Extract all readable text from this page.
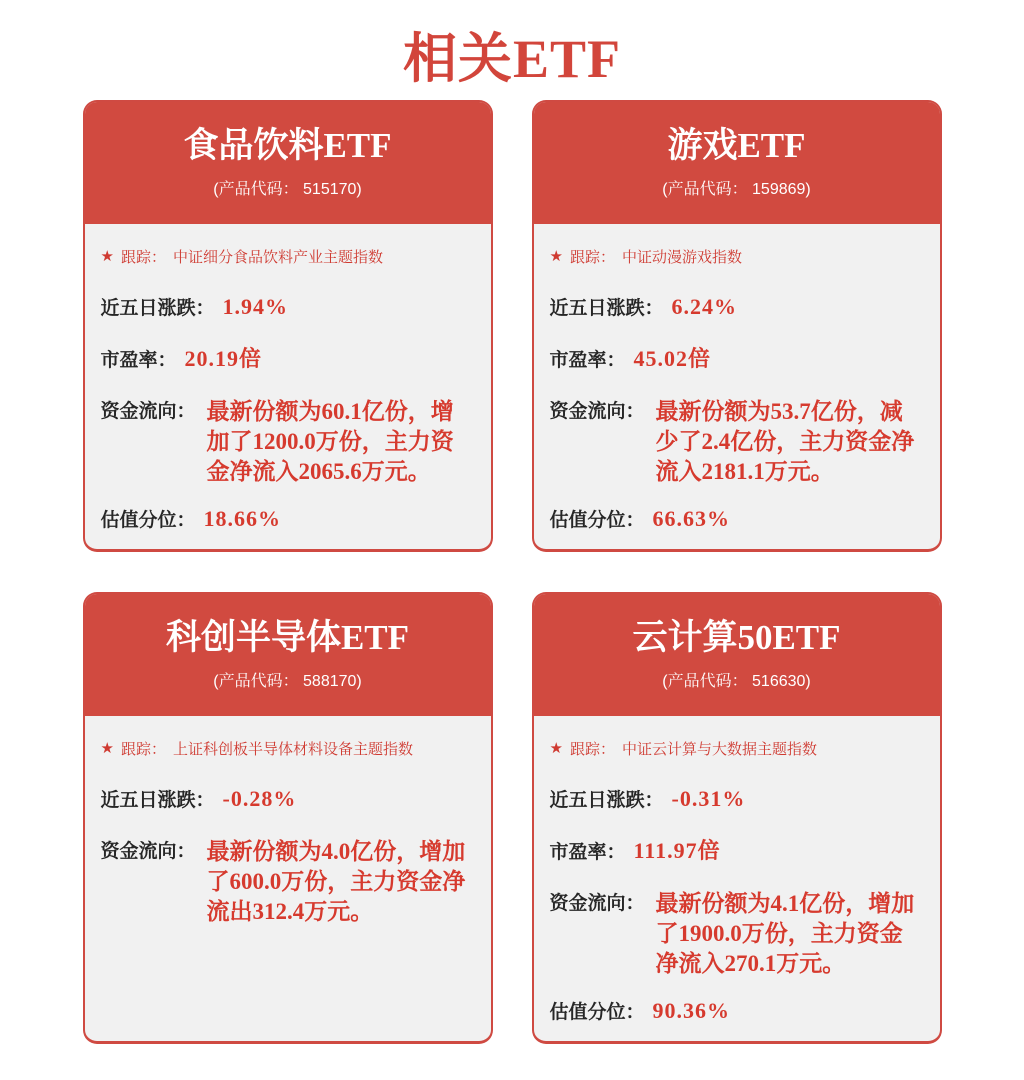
相关ETF
食品饮料ETF
(产品代码： 515170)
★ 跟踪： 中证细分食品饮料产业主题指数
近五日涨跌： 1.94%
市盈率： 20.19倍
资金流向： 最新份额为60.1亿份，增加了1200.0万份，主力资金净流入2065.6万元。
估值分位： 18.66%
游戏ETF
(产品代码： 159869)
★ 跟踪： 中证动漫游戏指数
近五日涨跌： 6.24%
市盈率： 45.02倍
资金流向： 最新份额为53.7亿份，减少了2.4亿份，主力资金净流入2181.1万元。
估值分位： 66.63%
科创半导体ETF
(产品代码： 588170)
★ 跟踪： 上证科创板半导体材料设备主题指数
近五日涨跌： -0.28%
资金流向： 最新份额为4.0亿份，增加了600.0万份，主力资金净流出312.4万元。
云计算50ETF
(产品代码： 516630)
★ 跟踪： 中证云计算与大数据主题指数
近五日涨跌： -0.31%
市盈率： 111.97倍
资金流向： 最新份额为4.1亿份，增加了1900.0万份，主力资金净流入270.1万元。
估值分位： 90.36%
